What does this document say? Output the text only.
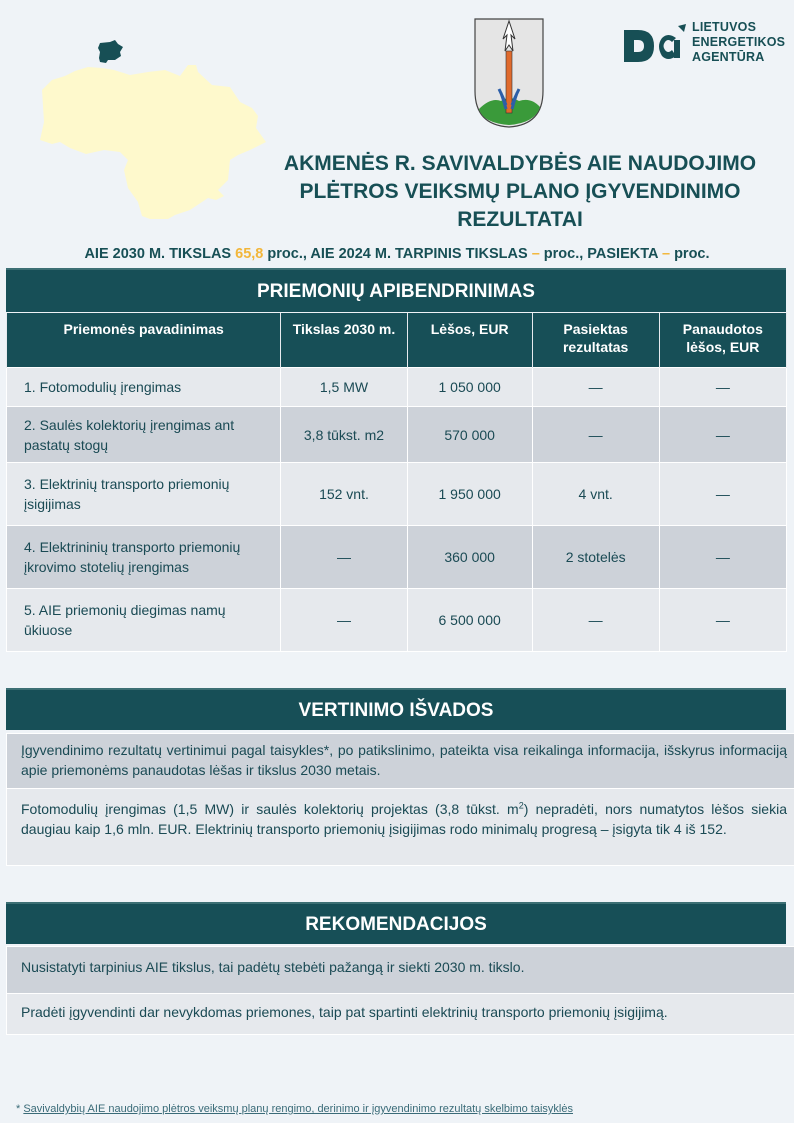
LIETUVOS
ENERGETIKOS
AGENTŪRA
AKMENĖS R. SAVIVALDYBĖS AIE NAUDOJIMO
PLĖTROS VEIKSMŲ PLANO ĮGYVENDINIMO
REZULTATAI
AIE 2030 M. TIKSLAS 65,8 proc., AIE 2024 M. TARPINIS TIKSLAS – proc., PASIEKTA – proc.
PRIEMONIŲ APIBENDRINIMAS
Priemonės pavadinimas	Tikslas 2030 m.	Lėšos, EUR	Pasiektas rezultatas	Panaudotos lėšos, EUR
1. Fotomodulių įrengimas	1,5 MW	1 050 000	—	—
2. Saulės kolektorių įrengimas ant pastatų stogų	3,8 tūkst. m2	570 000	—	—
3. Elektrinių transporto priemonių įsigijimas	152 vnt.	1 950 000	4 vnt.	—
4. Elektrininių transporto priemonių įkrovimo stotelių įrengimas	—	360 000	2 stotelės	—
5. AIE priemonių diegimas namų ūkiuose	—	6 500 000	—	—
VERTINIMO IŠVADOS
Įgyvendinimo rezultatų vertinimui pagal taisykles*, po patikslinimo, pateikta visa reikalinga informacija, išskyrus informaciją apie priemonėms panaudotas lėšas ir tikslus 2030 metais.
Fotomodulių įrengimas (1,5 MW) ir saulės kolektorių projektas (3,8 tūkst. $m^2$) nepradėti, nors numatytos lėšos siekia daugiau kaip 1,6 mln. EUR. Elektrinių transporto priemonių įsigijimas rodo minimalų progresą – įsigyta tik 4 iš 152.
REKOMENDACIJOS
Nusistatyti tarpinius AIE tikslus, tai padėtų stebėti pažangą ir siekti 2030 m. tikslo.
Pradėti įgyvendinti dar nevykdomas priemones, taip pat spartinti elektrinių transporto priemonių įsigijimą.
* Savivaldybių AIE naudojimo plėtros veiksmų planų rengimo, derinimo ir įgyvendinimo rezultatų skelbimo taisyklės
